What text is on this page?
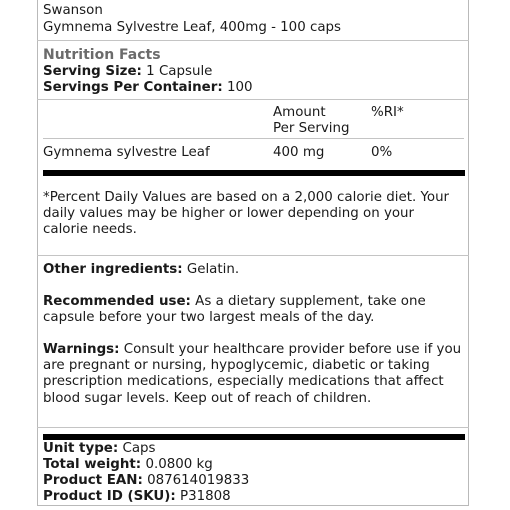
Swanson
Gymnema Sylvestre Leaf, 400mg - 100 caps
Nutrition Facts
Serving Size: 1 Capsule
Servings Per Container: 100
Amount
Per Serving
%RI*
Gymnema sylvestre Leaf	400 mg	0%
*Percent Daily Values are based on a 2,000 calorie diet. Your daily values may be higher or lower depending on your calorie needs.
Other ingredients: Gelatin.
Recommended use: As a dietary supplement, take one capsule before your two largest meals of the day.
Warnings: Consult your healthcare provider before use if you are pregnant or nursing, hypoglycemic, diabetic or taking prescription medications, especially medications that affect blood sugar levels. Keep out of reach of children.
Unit type: Caps
Total weight: 0.0800 kg
Product EAN: 087614019833
Product ID (SKU): P31808
